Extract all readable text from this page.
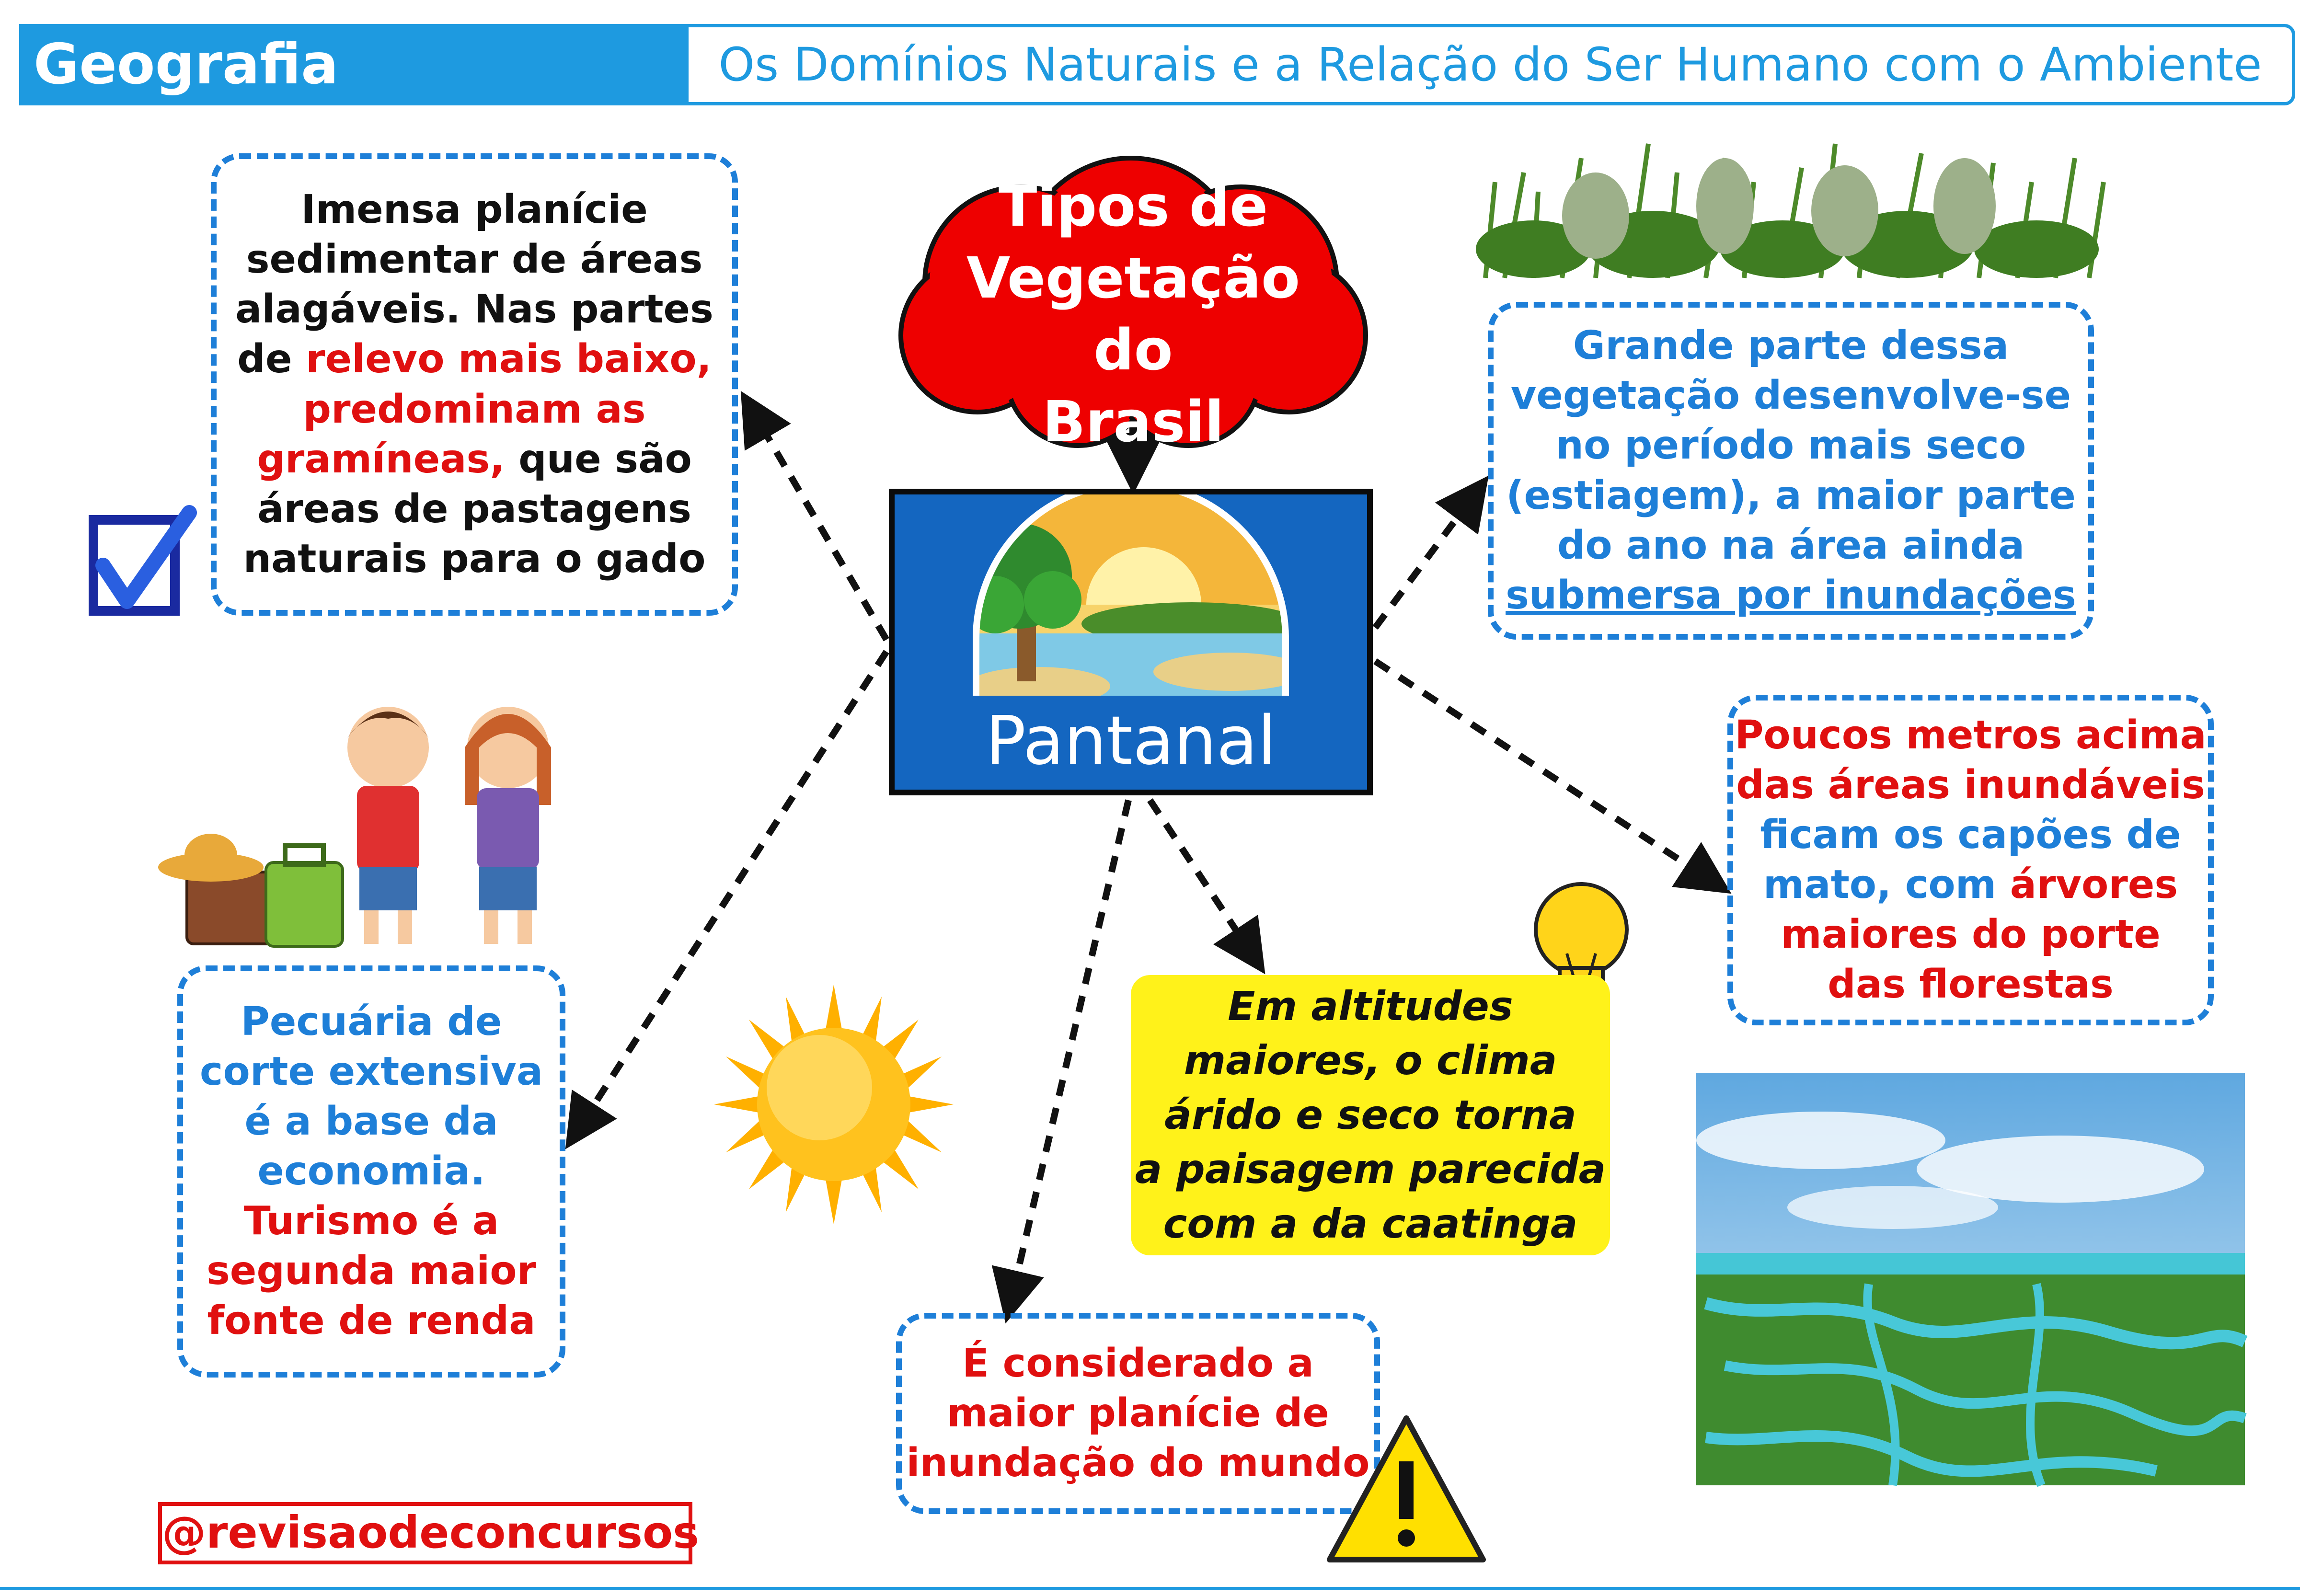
Geografia	Os Domínios Naturais e a Relação do Ser Humano com o Ambiente
Tipos de
Vegetação do
Brasil
Pantanal
Imensa planície
sedimentar de áreas
alagáveis. Nas partes
de relevo mais baixo,
predominam as
gramíneas, que são
áreas de pastagens
naturais para o gado
Grande parte dessa
vegetação desenvolve-se
no período mais seco
(estiagem), a maior parte
do ano na área ainda
submersa por inundações
Poucos metros acima
das áreas inundáveis
ficam os capões de
mato, com árvores
maiores do porte
das florestas
Em altitudes
maiores, o clima
árido e seco torna
a paisagem parecida
com a da caatinga
Pecuária de
corte extensiva
é a base da
economia.
Turismo é a
segunda maior
fonte de renda
É considerado a
maior planície de
inundação do mundo
@revisaodeconcursos
